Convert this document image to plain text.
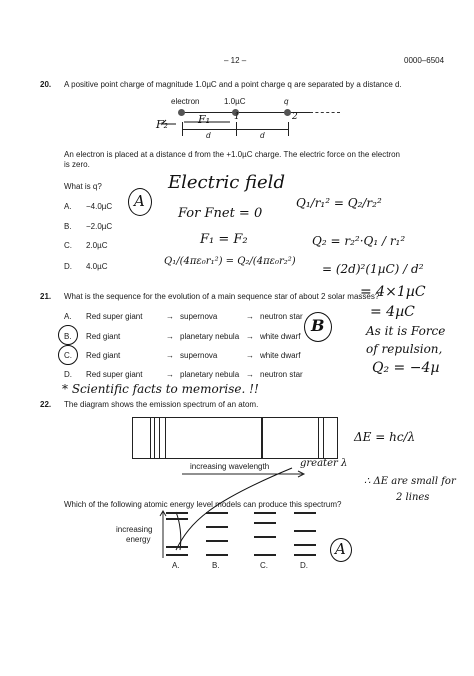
– 12 –	0000–6504
20. A positive point charge of magnitude 1.0µC and a point charge q are separated by a distance d.
electron	1.0µC	q
d	d
F₂	F₁	1	2
An electron is placed at a distance d from the +1.0µC charge. The electric force on the electron
is zero.
What is q?
A. −4.0µC
B. −2.0µC
C. 2.0µC
D. 4.0µC
A
Electric field
For Fnet = 0
F₁ = F₂
Q₁/(4πε₀r₁²) = Q₂/(4πε₀r₂²)
Q₁/r₁² = Q₂/r₂²
Q₂ = r₂²·Q₁ / r₁²
= (2d)²(1µC) / d²
= 4×1µC
= 4µC
As it is Force
of repulsion,
Q₂ = −4µ
21. What is the sequence for the evolution of a main sequence star of about 2 solar masses?
A. Red super giant	→ supernova	→ neutron star
B. Red giant	→ planetary nebula → white dwarf
C. Red giant	→ supernova	→ white dwarf
D. Red super giant	→ planetary nebula → neutron star
B
* Scientific facts to memorise. !!
22. The diagram shows the emission spectrum of an atom.
increasing wavelength	greater λ
ΔE = hc/λ
∴ ΔE are small for
2 lines
A
Which of the following atomic energy level models can produce this spectrum?
increasing
energy
A.	B.	C.	D.
